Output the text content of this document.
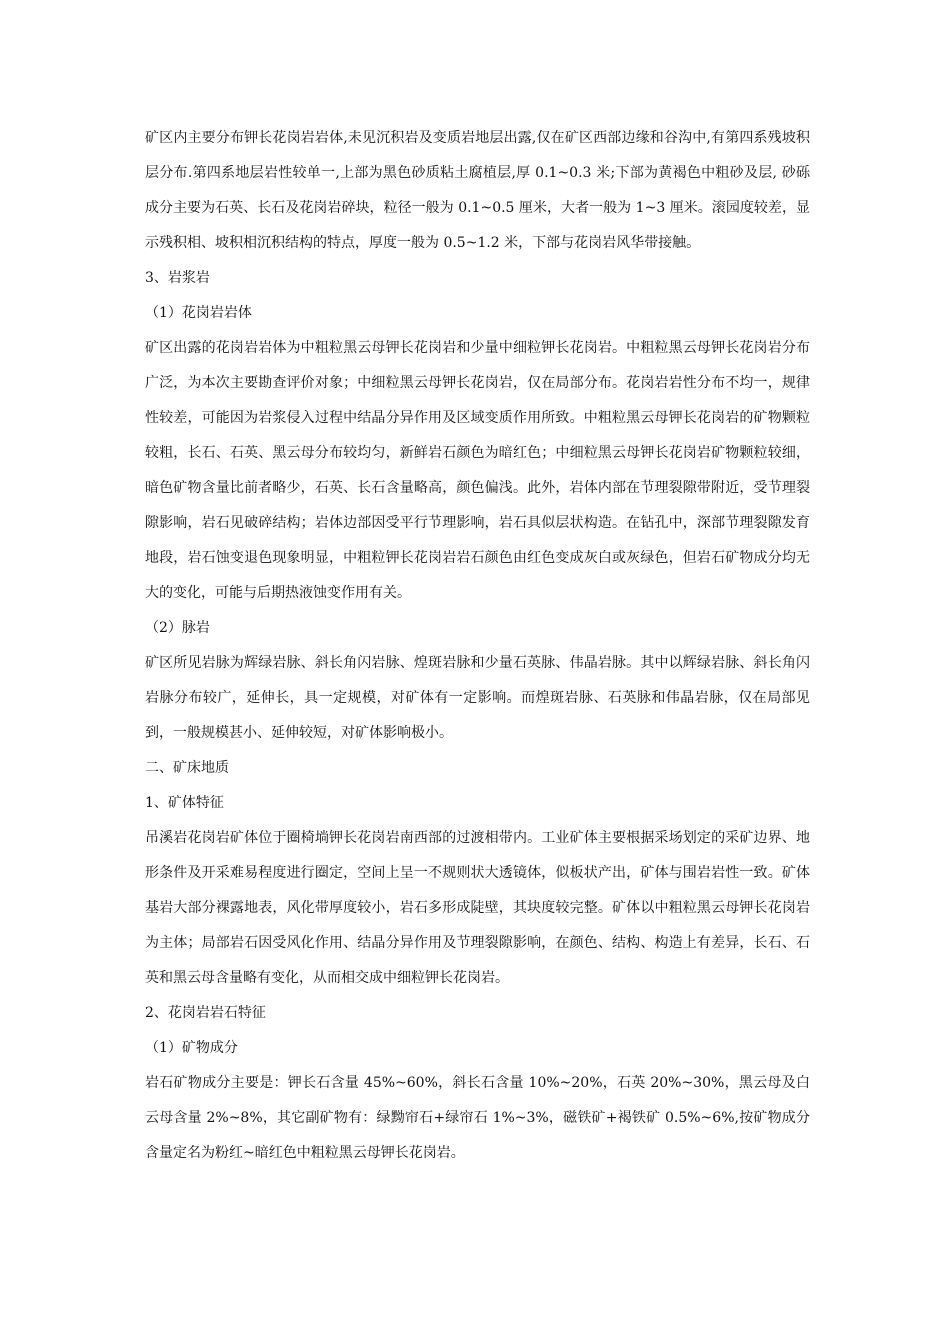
矿区内主要分布钾长花岗岩岩体,未见沉积岩及变质岩地层出露,仅在矿区西部边缘和谷沟中,有第四系残坡积层分布.第四系地层岩性较单一,上部为黑色砂质粘土腐植层,厚 0.1~0.3 米;下部为黄褐色中粗砂及层, 砂砾成分主要为石英、长石及花岗岩碎块，粒径一般为 0.1~0.5 厘米，大者一般为 1~3 厘米。滚园度较差，显示残积相、坡积相沉积结构的特点，厚度一般为 0.5~1.2 米，下部与花岗岩风华带接触。

3、岩浆岩

（1）花岗岩岩体

矿区出露的花岗岩岩体为中粗粒黑云母钾长花岗岩和少量中细粒钾长花岗岩。中粗粒黑云母钾长花岗岩分布广泛，为本次主要勘查评价对象；中细粒黑云母钾长花岗岩，仅在局部分布。花岗岩岩性分布不均一，规律性较差，可能因为岩浆侵入过程中结晶分异作用及区域变质作用所致。中粗粒黑云母钾长花岗岩的矿物颗粒较粗，长石、石英、黑云母分布较均匀，新鲜岩石颜色为暗红色；中细粒黑云母钾长花岗岩矿物颗粒较细，暗色矿物含量比前者略少，石英、长石含量略高，颜色偏浅。此外，岩体内部在节理裂隙带附近，受节理裂隙影响，岩石见破碎结构；岩体边部因受平行节理影响，岩石具似层状构造。在钻孔中，深部节理裂隙发育地段，岩石蚀变退色现象明显，中粗粒钾长花岗岩岩石颜色由红色变成灰白或灰绿色，但岩石矿物成分均无大的变化，可能与后期热液蚀变作用有关。

（2）脉岩

矿区所见岩脉为辉绿岩脉、斜长角闪岩脉、煌斑岩脉和少量石英脉、伟晶岩脉。其中以辉绿岩脉、斜长角闪岩脉分布较广，延伸长，具一定规模，对矿体有一定影响。而煌斑岩脉、石英脉和伟晶岩脉，仅在局部见到，一般规模甚小、延伸较短，对矿体影响极小。

二、矿床地质

1、矿体特征

吊溪岩花岗岩矿体位于圈椅埫钾长花岗岩南西部的过渡相带内。工业矿体主要根据采场划定的采矿边界、地形条件及开采难易程度进行圈定，空间上呈一不规则状大透镜体，似板状产出，矿体与围岩岩性一致。矿体基岩大部分裸露地表，风化带厚度较小，岩石多形成陡壁，其块度较完整。矿体以中粗粒黑云母钾长花岗岩为主体；局部岩石因受风化作用、结晶分异作用及节理裂隙影响，在颜色、结构、构造上有差异，长石、石英和黑云母含量略有变化，从而相交成中细粒钾长花岗岩。

2、花岗岩岩石特征

（1）矿物成分

岩石矿物成分主要是：钾长石含量 45%~60%，斜长石含量 10%~20%，石英 20%~30%，黑云母及白云母含量 2%~8%，其它副矿物有：绿黝帘石+绿帘石 1%~3%，磁铁矿+褐铁矿 0.5%~6%,按矿物成分含量定名为粉红~暗红色中粗粒黑云母钾长花岗岩。
